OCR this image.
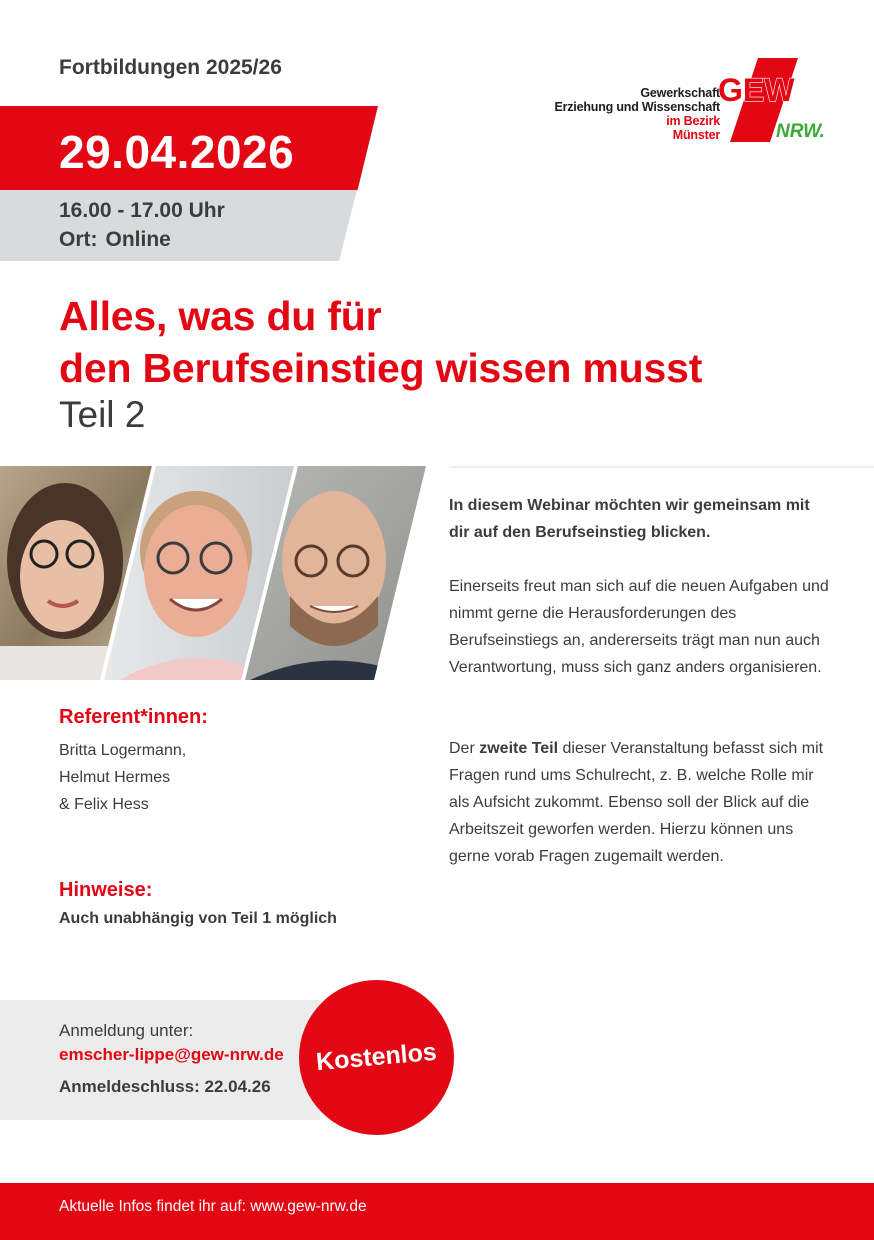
Fortbildungen 2025/26
Gewerkschaft
Erziehung und Wissenschaft
im Bezirk
Münster
GEW
NRW.
29.04.2026
16.00 - 17.00 Uhr
Ort: Online
Alles, was du für
den Berufseinstieg wissen musst
Teil 2
Referent*innen:
Britta Logermann,
Helmut Hermes
& Felix Hess
Hinweise:
Auch unabhängig von Teil 1 möglich
In diesem Webinar möchten wir gemeinsam mit dir auf den Berufseinstieg blicken.
Einerseits freut man sich auf die neuen Aufgaben und nimmt gerne die Herausforderungen des Berufseinstiegs an, andererseits trägt man nun auch Verantwortung, muss sich ganz anders organisieren.
Der zweite Teil dieser Veranstaltung befasst sich mit Fragen rund ums Schulrecht, z. B. welche Rolle mir als Aufsicht zukommt. Ebenso soll der Blick auf die Arbeitszeit geworfen werden. Hierzu können uns gerne vorab Fragen zugemailt werden.
Anmeldung unter:
emscher-lippe@gew-nrw.de
Anmeldeschluss: 22.04.26
Kostenlos
Aktuelle Infos findet ihr auf: www.gew-nrw.de
